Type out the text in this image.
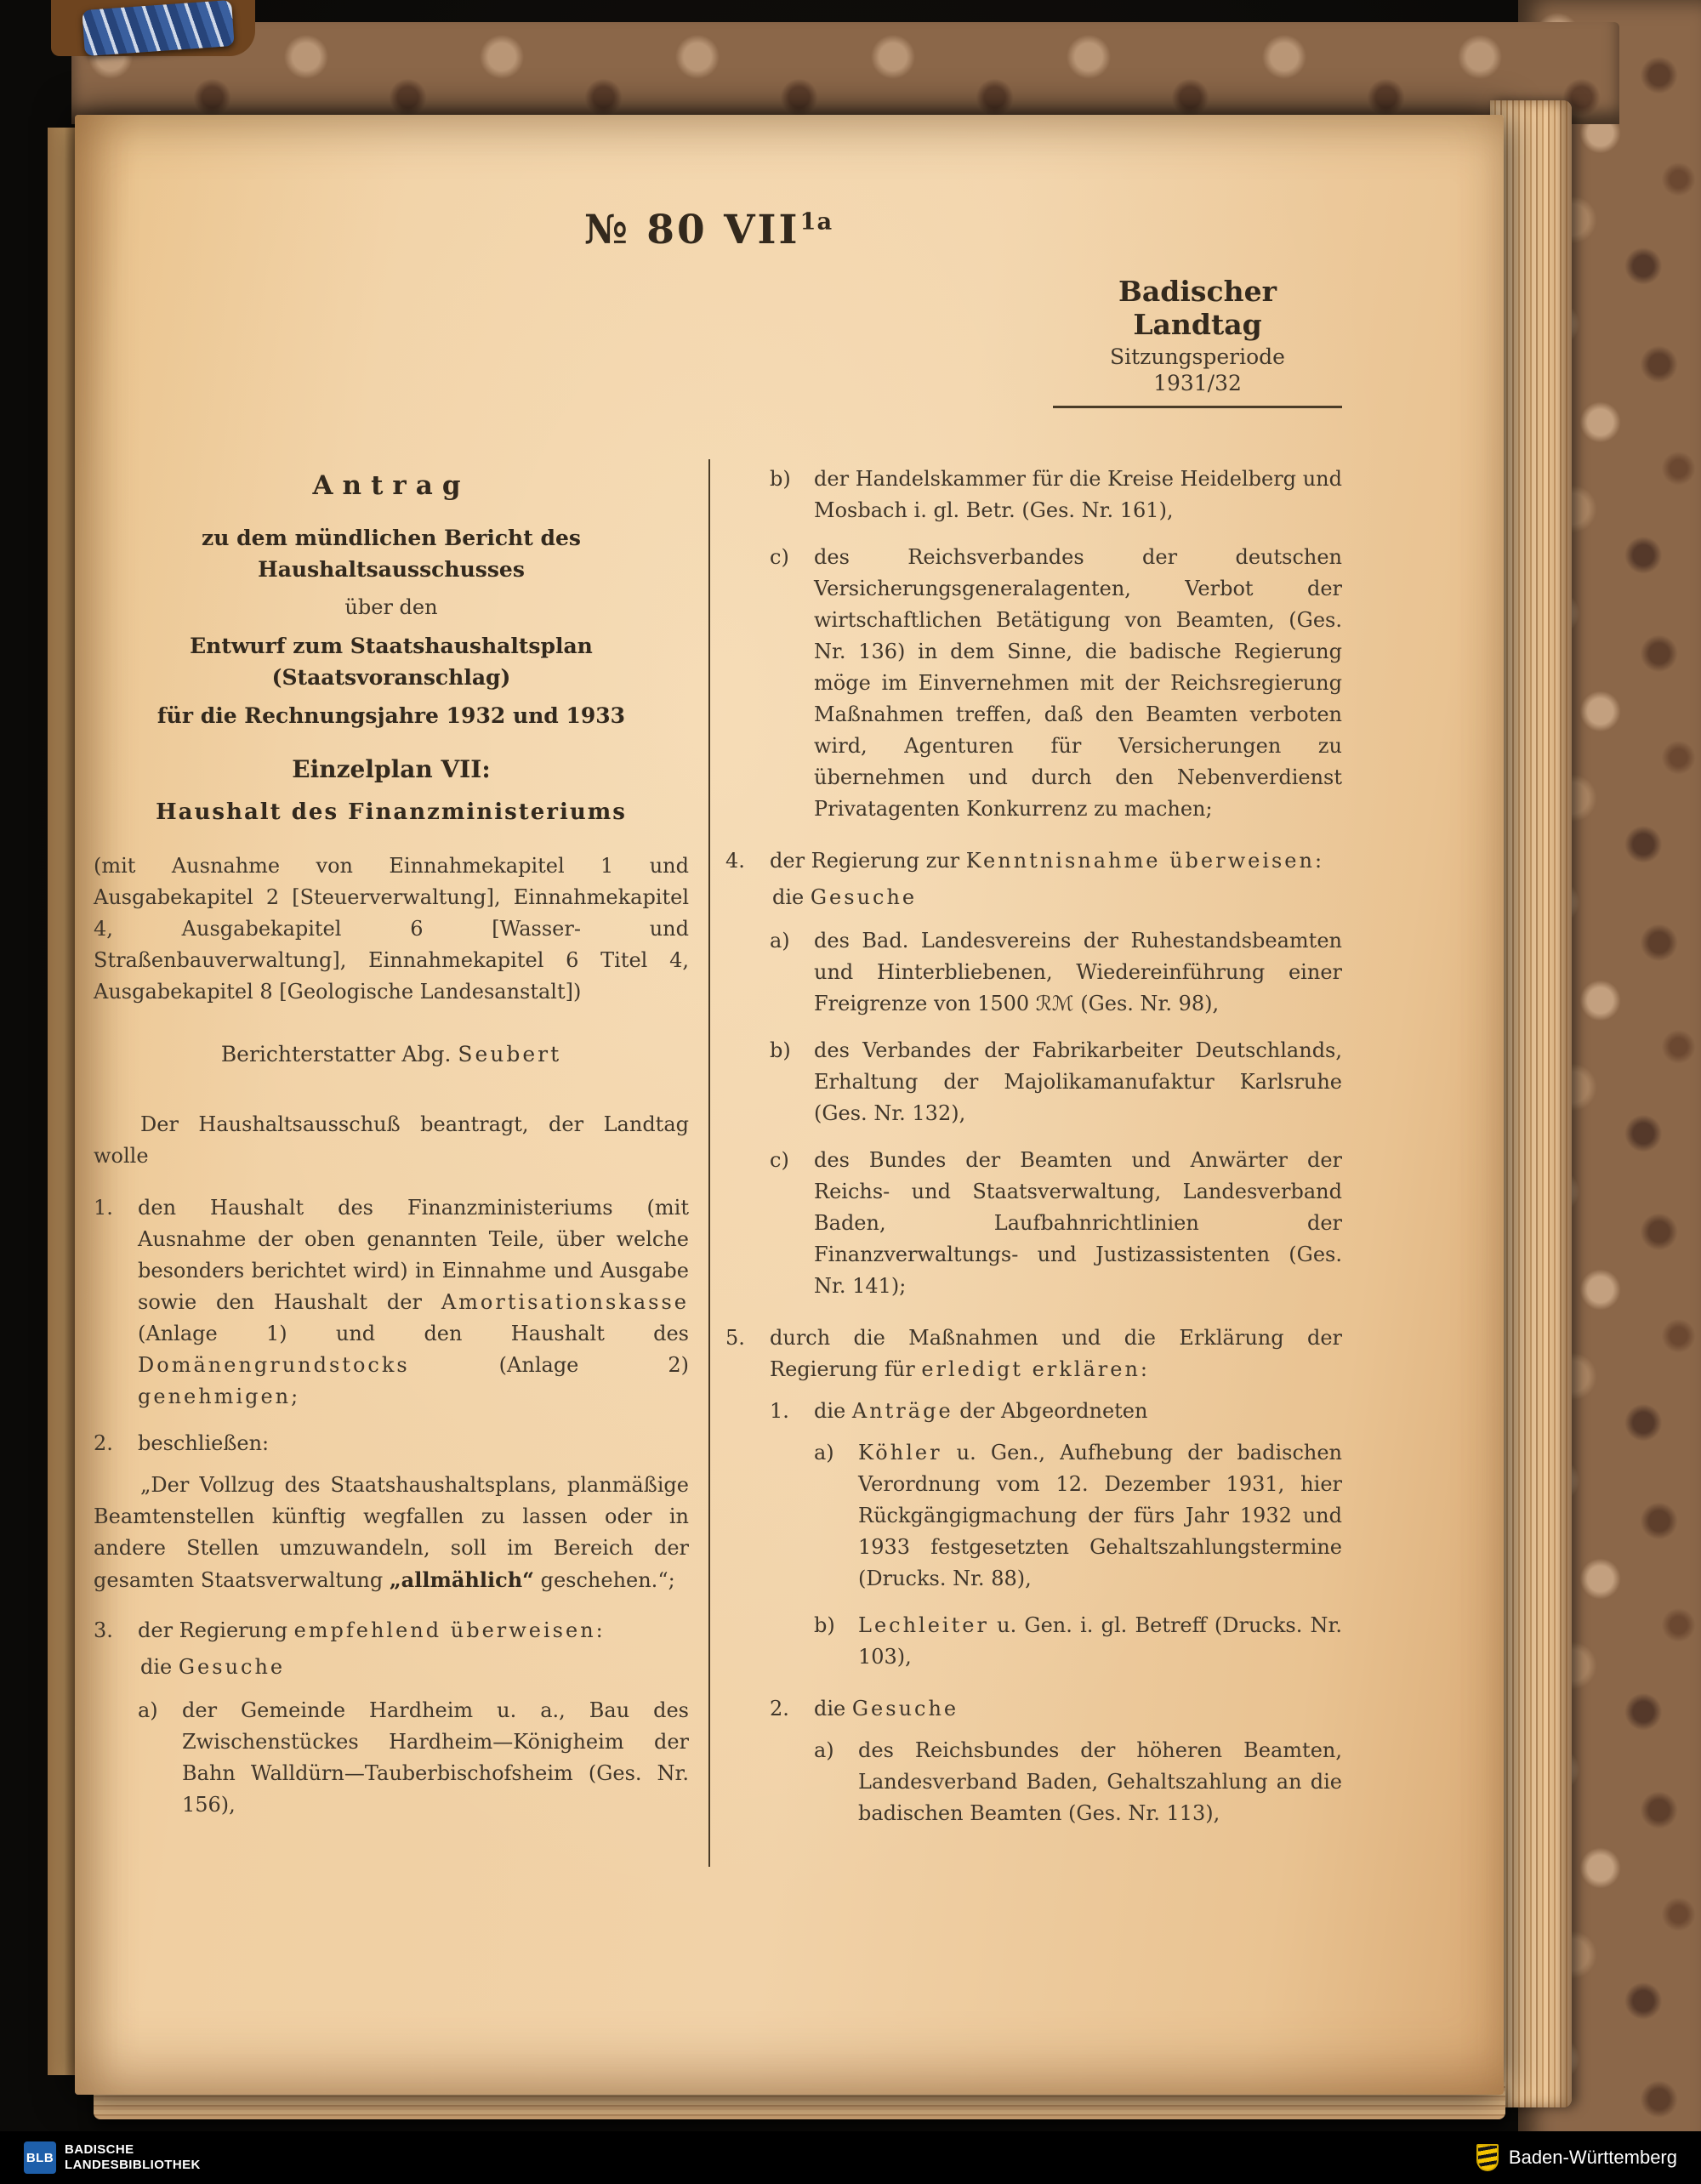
№ 80 $VII^{1a}$
Badischer Landtag
Sitzungsperiode
1931/32
Antrag
zu dem mündlichen Bericht des Haushaltsausschusses
über den
Entwurf zum Staatshaushaltsplan (Staatsvoranschlag)
für die Rechnungsjahre 1932 und 1933
Einzelplan VII:
Haushalt des Finanzministeriums
(mit Ausnahme von Einnahmekapitel 1 und Ausgabekapitel 2 [Steuerverwaltung], Einnahmekapitel 4, Ausgabekapitel 6 [Wasser- und Straßenbauverwaltung], Einnahmekapitel 6 Titel 4, Ausgabekapitel 8 [Geologische Landesanstalt])
Berichterstatter Abg. Seubert
Der Haushaltsausschuß beantragt, der Landtag wolle
1.	den Haushalt des Finanzministeriums (mit Ausnahme der oben genannten Teile, über welche besonders berichtet wird) in Einnahme und Ausgabe sowie den Haushalt der Amortisationskasse (Anlage 1) und den Haushalt des Domänengrundstocks (Anlage 2) genehmigen;
2.	beschließen:
„Der Vollzug des Staatshaushaltsplans, planmäßige Beamtenstellen künftig wegfallen zu lassen oder in andere Stellen umzuwandeln, soll im Bereich der gesamten Staatsverwaltung „allmählich“ geschehen.“;
3.	der Regierung empfehlend überweisen:
die Gesuche
a)	der Gemeinde Hardheim u. a., Bau des Zwischenstückes Hardheim—Königheim der Bahn Walldürn—Tauberbischofsheim (Ges. Nr. 156),
b)	der Handelskammer für die Kreise Heidelberg und Mosbach i. gl. Betr. (Ges. Nr. 161),
c)	des Reichsverbandes der deutschen Versicherungsgeneralagenten, Verbot der wirtschaftlichen Betätigung von Beamten, (Ges. Nr. 136) in dem Sinne, die badische Regierung möge im Einvernehmen mit der Reichsregierung Maßnahmen treffen, daß den Beamten verboten wird, Agenturen für Versicherungen zu übernehmen und durch den Nebenverdienst Privatagenten Konkurrenz zu machen;
4.	der Regierung zur Kenntnisnahme überweisen:
die Gesuche
a)	des Bad. Landesvereins der Ruhestandsbeamten und Hinterbliebenen, Wiedereinführung einer Freigrenze von 1500 ℛℳ (Ges. Nr. 98),
b)	des Verbandes der Fabrikarbeiter Deutschlands, Erhaltung der Majolikamanufaktur Karlsruhe (Ges. Nr. 132),
c)	des Bundes der Beamten und Anwärter der Reichs- und Staatsverwaltung, Landesverband Baden, Laufbahnrichtlinien der Finanzverwaltungs- und Justizassistenten (Ges. Nr. 141);
5.	durch die Maßnahmen und die Erklärung der Regierung für erledigt erklären:
1.	die Anträge der Abgeordneten
a)	Köhler u. Gen., Aufhebung der badischen Verordnung vom 12. Dezember 1931, hier Rückgängigmachung der fürs Jahr 1932 und 1933 festgesetzten Gehaltszahlungstermine (Drucks. Nr. 88),
b)	Lechleiter u. Gen. i. gl. Betreff (Drucks. Nr. 103),
2.	die Gesuche
a)	des Reichsbundes der höheren Beamten, Landesverband Baden, Gehaltszahlung an die badischen Beamten (Ges. Nr. 113),
BLB
BADISCHE
LANDESBIBLIOTHEK	Baden-Württemberg
